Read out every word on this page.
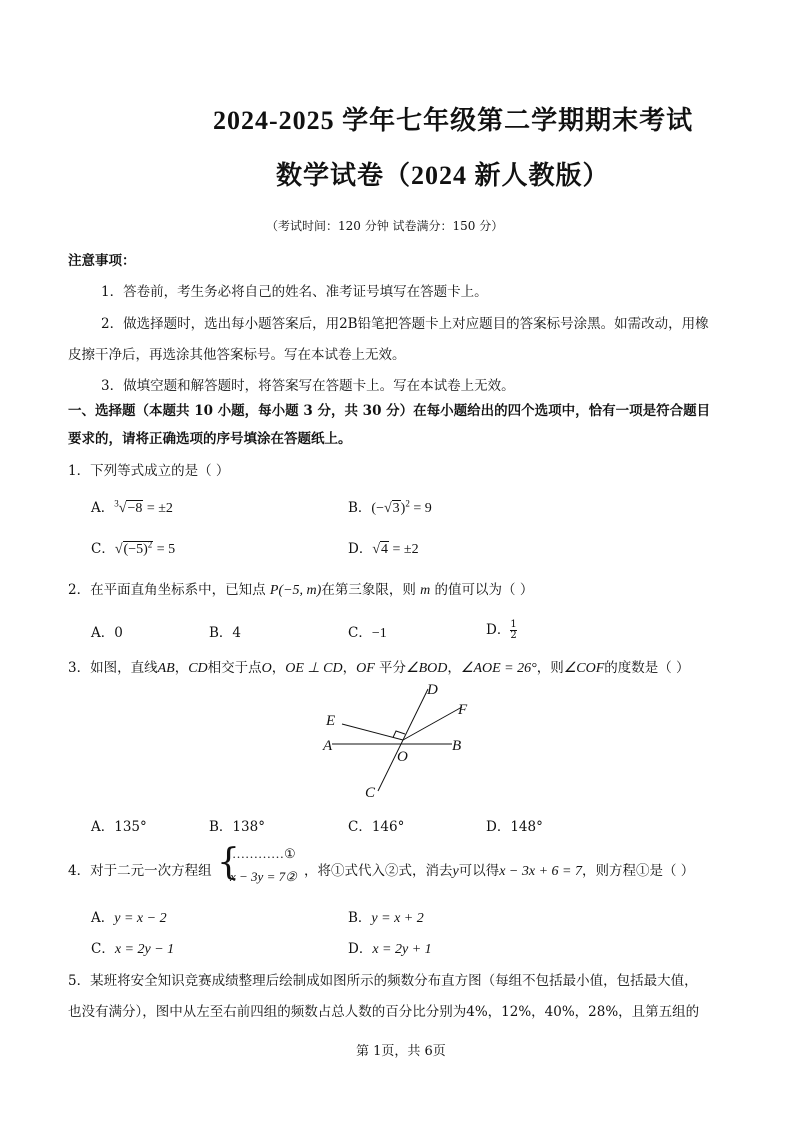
2024-2025 学年七年级第二学期期末考试
数学试卷（2024 新人教版）
（考试时间：120 分钟 试卷满分：150 分）
注意事项：
1．答卷前，考生务必将自己的姓名、准考证号填写在答题卡上。
2．做选择题时，选出每小题答案后，用2B铅笔把答题卡上对应题目的答案标号涂黑。如需改动，用橡
皮擦干净后，再选涂其他答案标号。写在本试卷上无效。
3．做填空题和解答题时，将答案写在答题卡上。写在本试卷上无效。
一、选择题（本题共 10 小题，每小题 3 分，共 30 分）在每小题给出的四个选项中，恰有一项是符合题目
要求的，请将正确选项的序号填涂在答题纸上。
1．下列等式成立的是（ ）
A．$^3$√−8 = ±2	B．$(-√3)^2 = 9$
C．$√(-5)^2 = 5$	D．√4 = ±2
2．在平面直角坐标系中，已知点 P(−5, m)在第三象限，则 m 的值可以为（ ）
A．0	B．4	C．−1	D． $\frac{1}{2}$
3．如图，直线AB，CD相交于点O，OE ⊥ CD，OF 平分∠BOD，∠AOE = 26°，则∠COF的度数是（ ）
D
F
E
A	B
O
C
A．135°	B．138°	C．146°	D．148°
4．对于二元一次方程组 {
…………①
x − 3y = 7② ，将①式代入②式，消去y可以得x − 3x + 6 = 7，则方程①是（ ）
A．y = x − 2	B．y = x + 2
C．x = 2y − 1	D．x = 2y + 1
5．某班将安全知识竞赛成绩整理后绘制成如图所示的频数分布直方图（每组不包括最小值，包括最大值，
也没有满分），图中从左至右前四组的频数占总人数的百分比分别为4%，12%，40%，28%，且第五组的
第 1页，共 6页
